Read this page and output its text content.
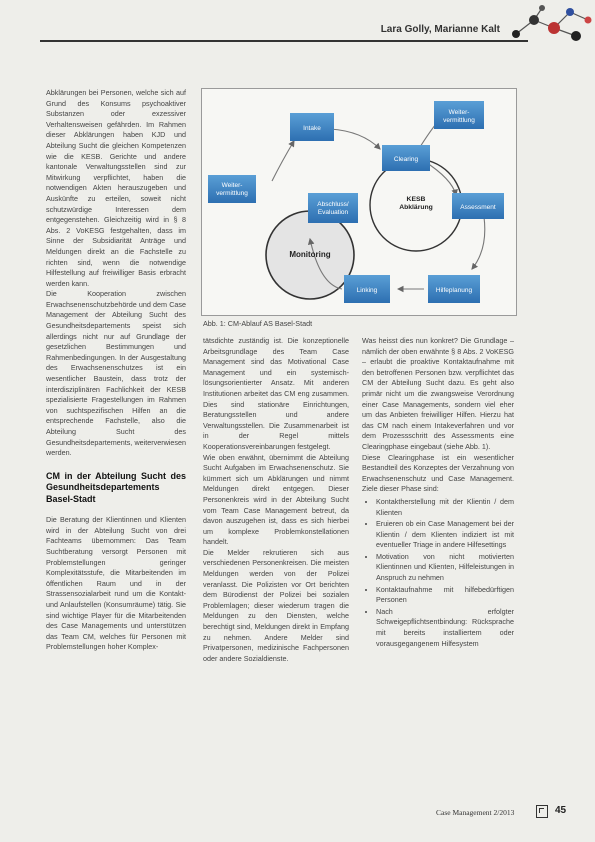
Lara Golly, Marianne Kalt

Abklärungen bei Personen, welche sich auf Grund des Konsums psychoaktiver Substanzen oder exzessiver Verhaltensweisen gefährden. Im Rahmen dieser Abklärungen haben KJD und Abteilung Sucht die gleichen Kompetenzen wie die KESB. Gerichte und andere kantonale Verwaltungsstellen sind zur Mitwirkung verpflichtet, haben die notwendigen Akten herauszugeben und Auskünfte zu erteilen, soweit nicht schutzwürdige Interessen dem entgegenstehen. Gleichzeitig wird in § 8 Abs. 2 VoKESG festgehalten, dass im Sinne der Subsidiarität Anträge und Meldungen direkt an die Fachstelle zu richten sind, wenn die notwendige Hilfestellung auf freiwilliger Basis erbracht werden kann.

Die Kooperation zwischen Erwachsenenschutzbehörde und dem Case Management der Abteilung Sucht des Gesundheitsdepartements speist sich allerdings nicht nur auf Grundlage der gesetzlichen Bestimmungen und Rahmenbedingungen. In der Ausgestaltung des Erwachsenenschutzes ist ein wesentlicher Baustein, dass trotz der interdisziplinären Fachlichkeit der KESB spezialisierte Fragestellungen im Rahmen von suchtspezifischen Hilfen an die entsprechende Fachstelle, also die Abteilung Sucht des Gesundheitsdepartements, weiterverwiesen werden.

CM in der Abteilung Sucht des Gesundheitsdepartements Basel-Stadt

Die Beratung der Klientinnen und Klienten wird in der Abteilung Sucht von drei Fachteams übernommen: Das Team Suchtberatung versorgt Personen mit Problemstellungen geringer Komplexitätsstufe, die Mitarbeitenden im öffentlichen Raum und in der Strassensozialarbeit rund um die Kontakt- und Anlaufstellen (Konsumräume) tätig. Sie sind wichtige Player für die Mitarbeitenden des Case Managements und unterstützen das Team CM, welches für Personen mit Problemstellungen hoher Komplex-

Intake
Weiter-vermittlung
Clearing
Weiter-vermittlung
Abschluss/ Evaluation
KESB Abklärung	Assessment
Monitoring
Linking	Hilfeplanung
Abb. 1: CM-Ablauf AS Basel-Stadt

tätsdichte zuständig ist. Die konzeptionelle Arbeitsgrundlage des Team Case Management sind das Motivational Case Management und ein systemisch-lösungsorientierter Ansatz. Mit anderen Institutionen arbeitet das CM eng zusammen. Dies sind stationäre Einrichtungen, Beratungsstellen und andere Verwaltungsstellen. Die Zusammenarbeit ist in der Regel mittels Kooperationsvereinbarungen festgelegt.

Wie oben erwähnt, übernimmt die Abteilung Sucht Aufgaben im Erwachsenenschutz. Sie kümmert sich um Abklärungen und nimmt Meldungen direkt entgegen. Dieser Personenkreis wird in der Abteilung Sucht vom Team Case Management betreut, da davon auszugehen ist, dass es sich hierbei um komplexe Problemkonstellationen handelt.

Die Melder rekrutieren sich aus verschiedenen Personenkreisen. Die meisten Meldungen werden von der Polizei veranlasst. Die Polizisten vor Ort berichten dem Bürodienst der Polizei bei sozialen Problemlagen; dieser wiederum tragen die Meldungen zu den Diensten, welche berechtigt sind, Meldungen direkt in Empfang zu nehmen. Andere Melder sind Privatpersonen, medizinische Fachpersonen oder andere Sozialdienste.

Was heisst dies nun konkret? Die Grundlage – nämlich der oben erwähnte § 8 Abs. 2 VoKESG – erlaubt die proaktive Kontaktaufnahme mit den betroffenen Personen bzw. verpflichtet das CM der Abteilung Sucht dazu. Es geht also primär nicht um die zwangsweise Verordnung einer Case Managements, sondern viel eher um das Anbieten freiwilliger Hilfen. Hierzu hat das CM nach einem Intakeverfahren und vor dem Prozessschritt des Assessments eine Clearingphase eingebaut (siehe Abb. 1).

Diese Clearingphase ist ein wesentlicher Bestandteil des Konzeptes der Verzahnung von Erwachsenenschutz und Case Management. Ziele dieser Phase sind:

• Kontaktherstellung mit der Klientin / dem Klienten
• Eruieren ob ein Case Management bei der Klientin / dem Klienten indiziert ist mit eventueller Triage in andere Hilfesettings
• Motivation von nicht motivierten Klientinnen und Klienten, Hilfeleistungen in Anspruch zu nehmen
• Kontaktaufnahme mit hilfebedürftigen Personen
• Nach erfolgter Schweigepflichtsentbindung: Rücksprache mit bereits installiertem oder vorausgegangenem Hilfesystem
Case Management 2/2013	45
